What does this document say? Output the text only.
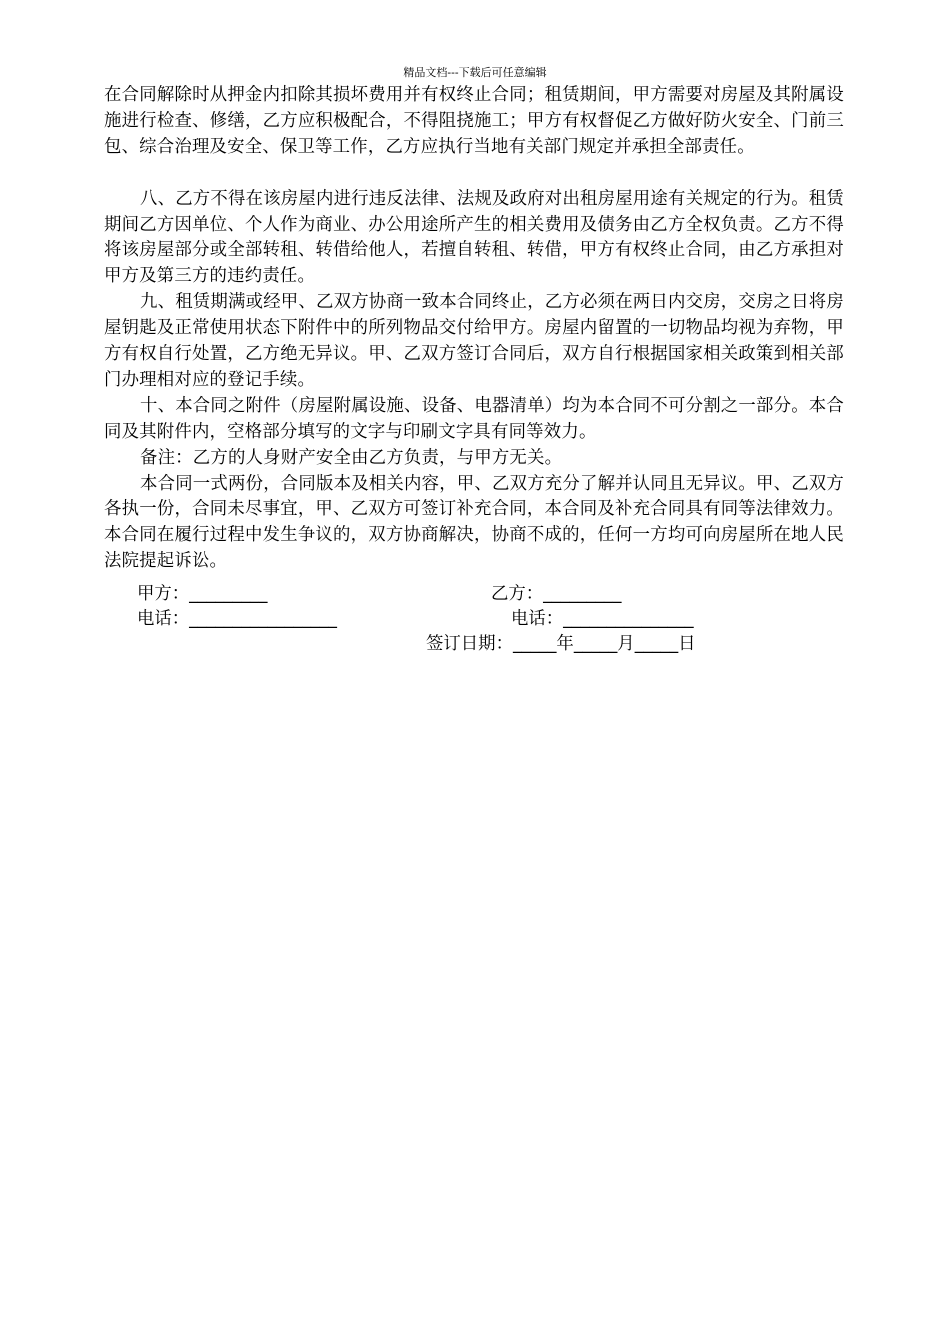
精品文档---下载后可任意编辑

在合同解除时从押金内扣除其损坏费用并有权终止合同；租赁期间，甲方需要对房屋及其附属设施进行检查、修缮，乙方应积极配合，不得阻挠施工；甲方有权督促乙方做好防火安全、门前三包、综合治理及安全、保卫等工作，乙方应执行当地有关部门规定并承担全部责任。

八、乙方不得在该房屋内进行违反法律、法规及政府对出租房屋用途有关规定的行为。租赁期间乙方因单位、个人作为商业、办公用途所产生的相关费用及债务由乙方全权负责。乙方不得将该房屋部分或全部转租、转借给他人，若擅自转租、转借，甲方有权终止合同，由乙方承担对甲方及第三方的违约责任。

九、租赁期满或经甲、乙双方协商一致本合同终止，乙方必须在两日内交房，交房之日将房屋钥匙及正常使用状态下附件中的所列物品交付给甲方。房屋内留置的一切物品均视为弃物，甲方有权自行处置，乙方绝无异议。甲、乙双方签订合同后，双方自行根据国家相关政策到相关部门办理相对应的登记手续。

十、本合同之附件（房屋附属设施、设备、电器清单）均为本合同不可分割之一部分。本合同及其附件内，空格部分填写的文字与印刷文字具有同等效力。

备注：乙方的人身财产安全由乙方负责，与甲方无关。

本合同一式两份，合同版本及相关内容，甲、乙双方充分了解并认同且无异议。甲、乙双方各执一份，合同未尽事宜，甲、乙双方可签订补充合同，本合同及补充合同具有同等法律效力。本合同在履行过程中发生争议的，双方协商解决，协商不成的，任何一方均可向房屋所在地人民法院提起诉讼。

甲方：_________	乙方：_________
电话：_________________	电话：_______________
签订日期：_____年_____月_____日
